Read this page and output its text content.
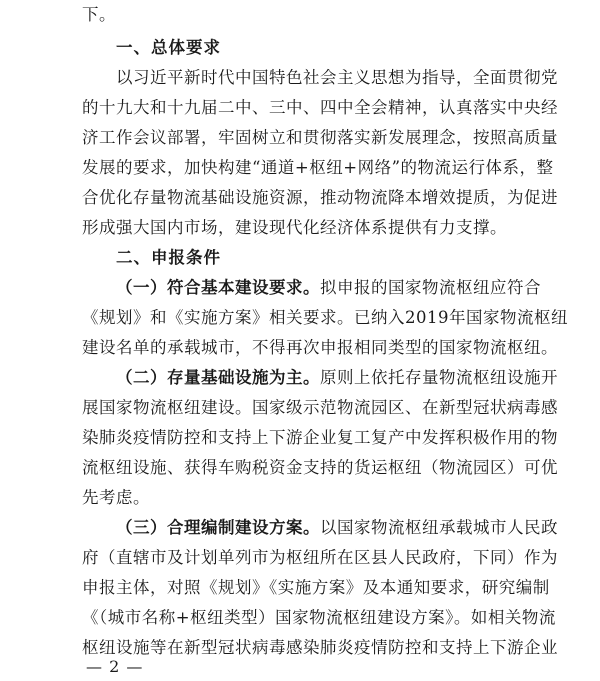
下。
一、总体要求
以习近平新时代中国特色社会主义思想为指导，全面贯彻党
的十九大和十九届二中、三中、四中全会精神，认真落实中央经
济工作会议部署，牢固树立和贯彻落实新发展理念，按照高质量
发展的要求，加快构建“通道+枢纽+网络”的物流运行体系，整
合优化存量物流基础设施资源，推动物流降本增效提质，为促进
形成强大国内市场，建设现代化经济体系提供有力支撑。
二、申报条件
（一）符合基本建设要求。拟申报的国家物流枢纽应符合
《规划》和《实施方案》相关要求。已纳入2019年国家物流枢纽
建设名单的承载城市，不得再次申报相同类型的国家物流枢纽。
（二）存量基础设施为主。原则上依托存量物流枢纽设施开
展国家物流枢纽建设。国家级示范物流园区、在新型冠状病毒感
染肺炎疫情防控和支持上下游企业复工复产中发挥积极作用的物
流枢纽设施、获得车购税资金支持的货运枢纽（物流园区）可优
先考虑。
（三）合理编制建设方案。以国家物流枢纽承载城市人民政
府（直辖市及计划单列市为枢纽所在区县人民政府，下同）作为
申报主体，对照《规划》《实施方案》及本通知要求，研究编制
《（城市名称+枢纽类型）国家物流枢纽建设方案》。如相关物流
枢纽设施等在新型冠状病毒感染肺炎疫情防控和支持上下游企业
— 2 —
